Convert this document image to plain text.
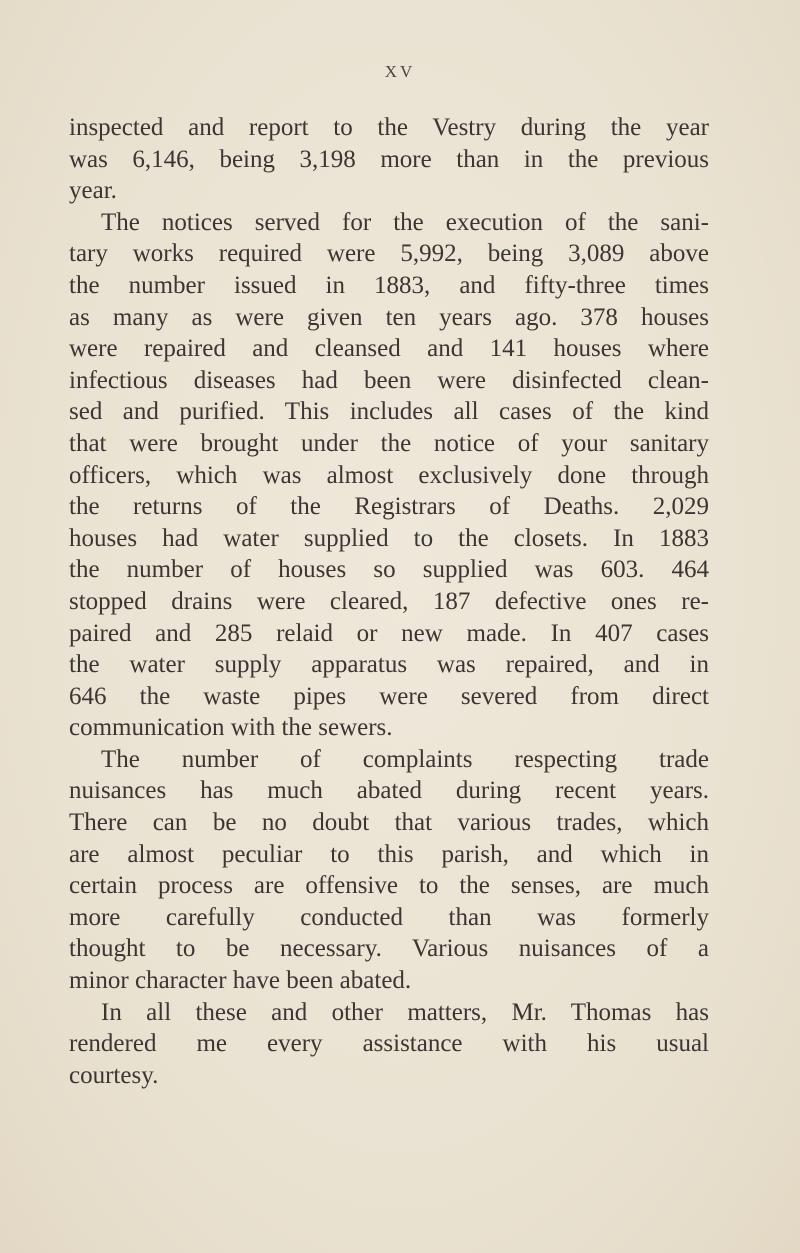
XV
inspected and report to the Vestry during the year
was 6,146, being 3,198 more than in the previous
year.
The notices served for the execution of the sani-
tary works required were 5,992, being 3,089 above
the number issued in 1883, and fifty-three times
as many as were given ten years ago. 378 houses
were repaired and cleansed and 141 houses where
infectious diseases had been were disinfected clean-
sed and purified. This includes all cases of the kind
that were brought under the notice of your sanitary
officers, which was almost exclusively done through
the returns of the Registrars of Deaths. 2,029
houses had water supplied to the closets. In 1883
the number of houses so supplied was 603. 464
stopped drains were cleared, 187 defective ones re-
paired and 285 relaid or new made. In 407 cases
the water supply apparatus was repaired, and in
646 the waste pipes were severed from direct
communication with the sewers.
The number of complaints respecting trade
nuisances has much abated during recent years.
There can be no doubt that various trades, which
are almost peculiar to this parish, and which in
certain process are offensive to the senses, are much
more carefully conducted than was formerly
thought to be necessary. Various nuisances of a
minor character have been abated.
In all these and other matters, Mr. Thomas has
rendered me every assistance with his usual
courtesy.
